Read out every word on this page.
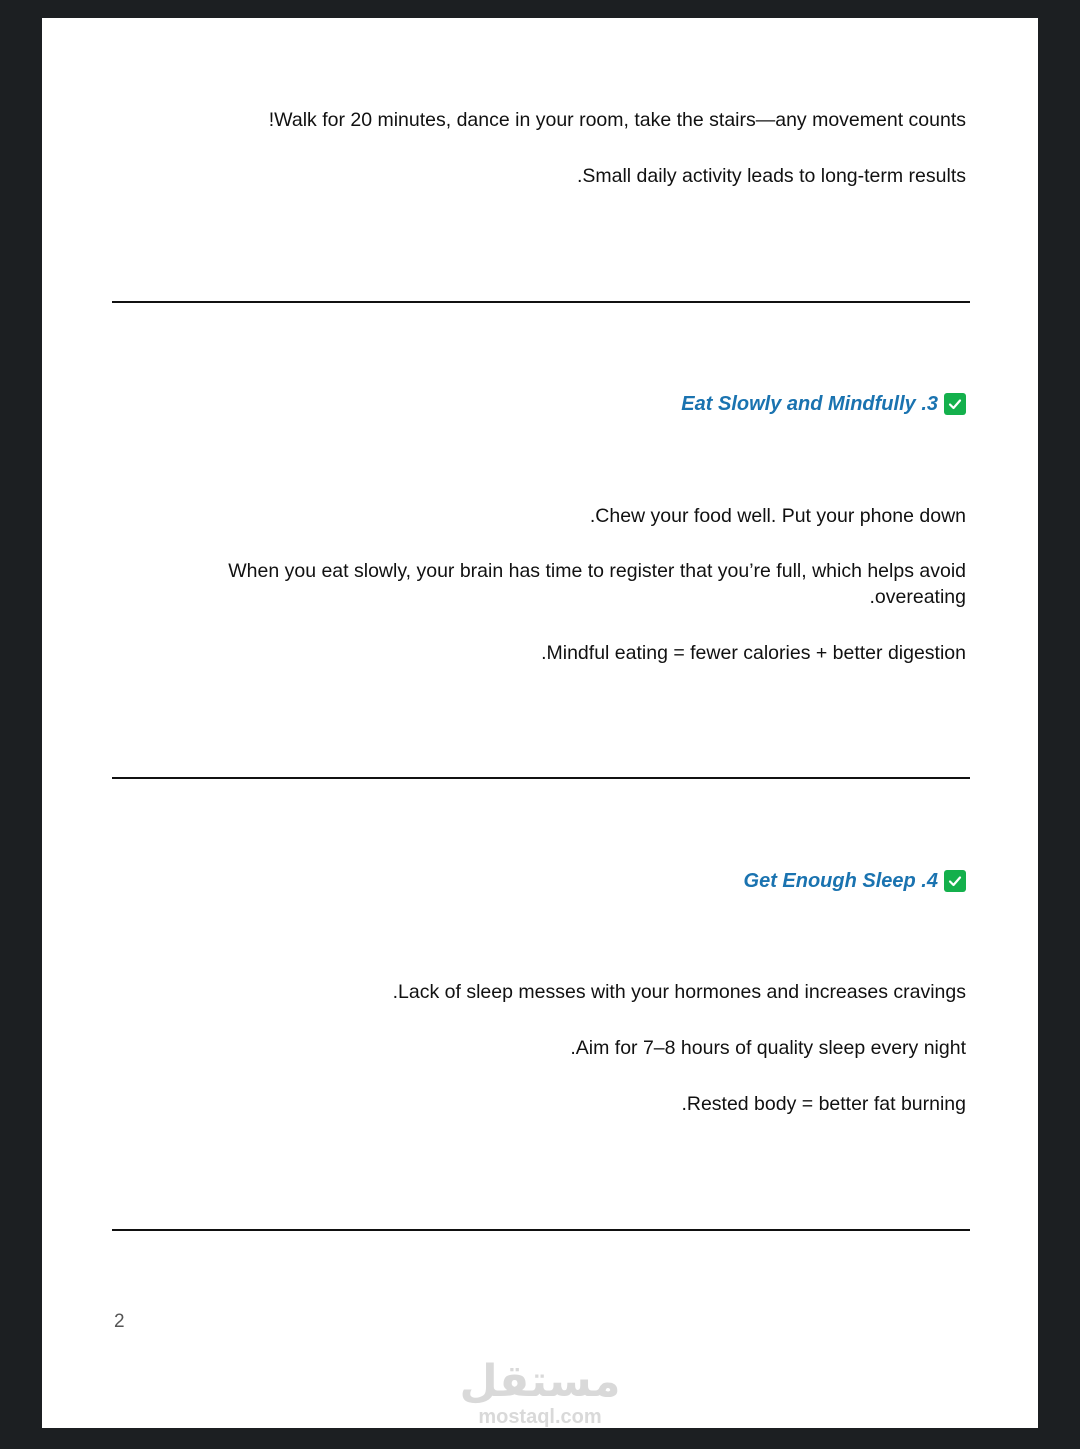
!Walk for 20 minutes, dance in your room, take the stairs—any movement counts
.Small daily activity leads to long-term results
Eat Slowly and Mindfully .3
.Chew your food well. Put your phone down
When you eat slowly, your brain has time to register that you’re full, which helps avoid .overeating
.Mindful eating = fewer calories + better digestion
Get Enough Sleep .4
.Lack of sleep messes with your hormones and increases cravings
.Aim for 7–8 hours of quality sleep every night
.Rested body = better fat burning
2
مستقل
mostaql.com
